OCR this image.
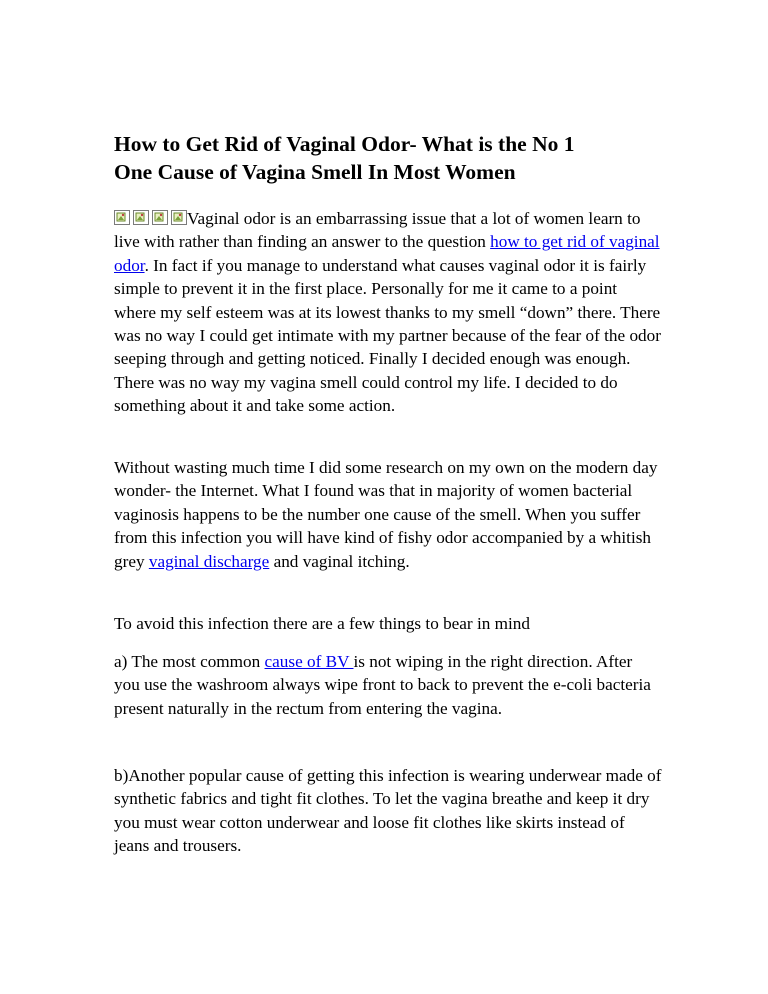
How to Get Rid of Vaginal Odor- What is the No 1
One Cause of Vagina Smell In Most Women

Vaginal odor is an embarrassing issue that a lot of women learn to live with rather than finding an answer to the question how to get rid of vaginal odor. In fact if you manage to understand what causes vaginal odor it is fairly simple to prevent it in the first place. Personally for me it came to a point where my self esteem was at its lowest thanks to my smell “down” there. There was no way I could get intimate with my partner because of the fear of the odor seeping through and getting noticed. Finally I decided enough was enough. There was no way my vagina smell could control my life. I decided to do something about it and take some action.

Without wasting much time I did some research on my own on the modern day wonder- the Internet. What I found was that in majority of women bacterial vaginosis happens to be the number one cause of the smell. When you suffer from this infection you will have kind of fishy odor accompanied by a whitish grey vaginal discharge and vaginal itching.

To avoid this infection there are a few things to bear in mind

a) The most common cause of BV is not wiping in the right direction. After you use the washroom always wipe front to back to prevent the e-coli bacteria present naturally in the rectum from entering the vagina.

b)Another popular cause of getting this infection is wearing underwear made of synthetic fabrics and tight fit clothes. To let the vagina breathe and keep it dry you must wear cotton underwear and loose fit clothes like skirts instead of jeans and trousers.
